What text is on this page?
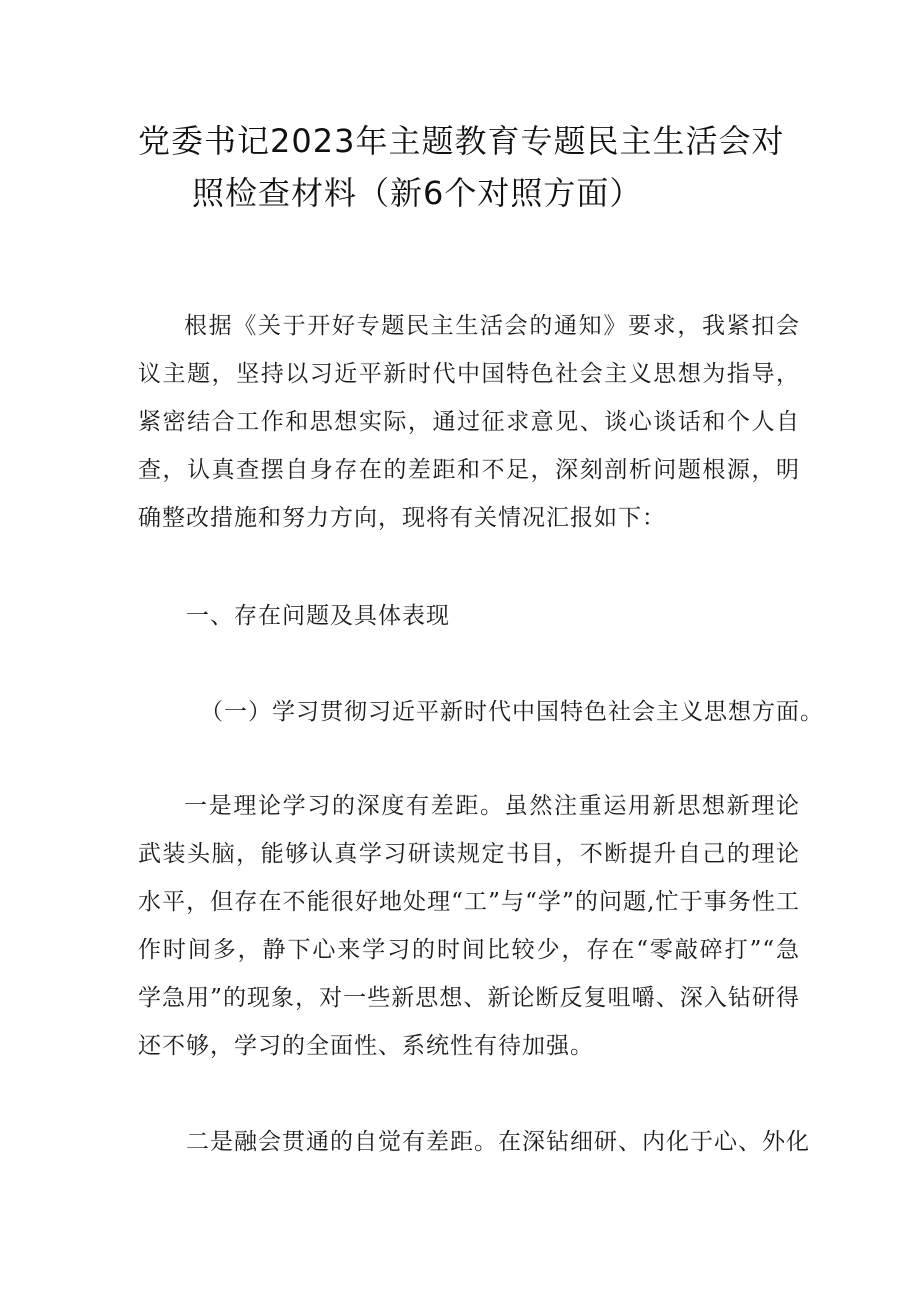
党委书记2023年主题教育专题民主生活会对
照检查材料（新6个对照方面）

根据《关于开好专题民主生活会的通知》要求，我紧扣会议主题，坚持以习近平新时代中国特色社会主义思想为指导，紧密结合工作和思想实际，通过征求意见、谈心谈话和个人自查，认真查摆自身存在的差距和不足，深刻剖析问题根源，明确整改措施和努力方向，现将有关情况汇报如下：

一、存在问题及具体表现

（一）学习贯彻习近平新时代中国特色社会主义思想方面。

一是理论学习的深度有差距。虽然注重运用新思想新理论武装头脑，能够认真学习研读规定书目，不断提升自己的理论水平，但存在不能很好地处理“工”与“学”的问题,忙于事务性工作时间多，静下心来学习的时间比较少，存在“零敲碎打”“急学急用”的现象，对一些新思想、新论断反复咀嚼、深入钻研得还不够，学习的全面性、系统性有待加强。

二是融会贯通的自觉有差距。在深钻细研、内化于心、外化
